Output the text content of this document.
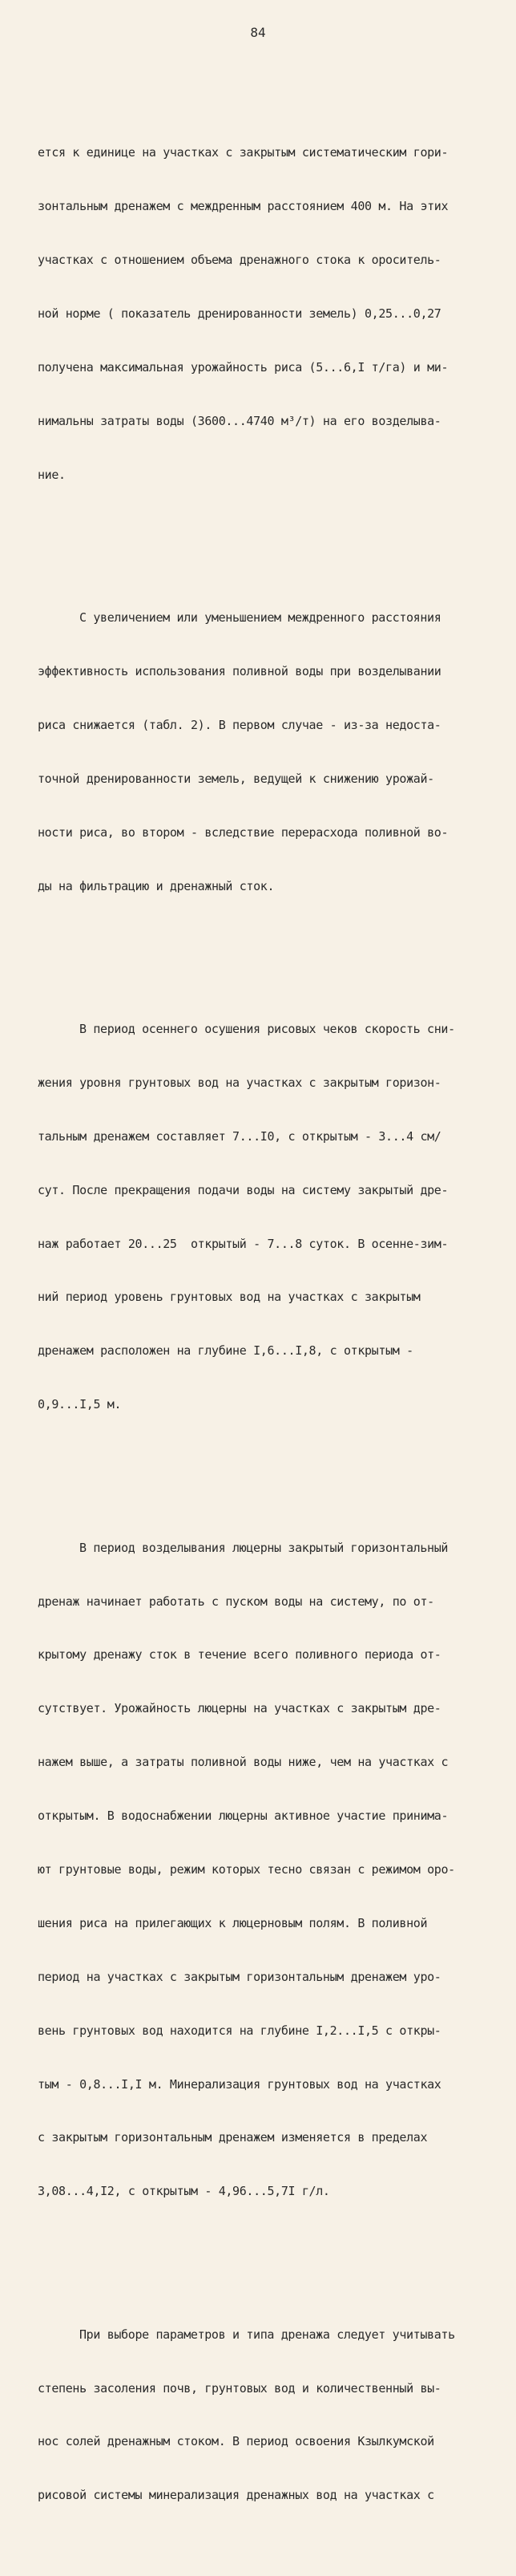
84

ется к единице на участках с закрытым систематическим гори-

зонтальным дренажем с междренным расстоянием 400 м. На этих

участках с отношением объема дренажного стока к ороситель-

ной норме ( показатель дренированности земель) 0,25...0,27

получена максимальная урожайность риса (5...6,I т/га) и ми-

нимальны затраты воды (3600...4740 м³/т) на его возделыва-

ние.

С увеличением или уменьшением междренного расстояния

эффективность использования поливной воды при возделывании

риса снижается (табл. 2). В первом случае - из-за недоста-

точной дренированности земель, ведущей к снижению урожай-

ности риса, во втором - вследствие перерасхода поливной во-

ды на фильтрацию и дренажный сток.

В период осеннего осушения рисовых чеков скорость сни-

жения уровня грунтовых вод на участках с закрытым горизон-

тальным дренажем составляет 7...I0, с открытым - 3...4 см/

сут. После прекращения подачи воды на систему закрытый дре-

наж работает 20...25  открытый - 7...8 суток. В осенне-зим-

ний период уровень грунтовых вод на участках с закрытым

дренажем расположен на глубине I,6...I,8, с открытым -

0,9...I,5 м.

В период возделывания люцерны закрытый горизонтальный

дренаж начинает работать с пуском воды на систему, по от-

крытому дренажу сток в течение всего поливного периода от-

сутствует. Урожайность люцерны на участках с закрытым дре-

нажем выше, а затраты поливной воды ниже, чем на участках с

открытым. В водоснабжении люцерны активное участие принима-

ют грунтовые воды, режим которых тесно связан с режимом оро-

шения риса на прилегающих к люцерновым полям. В поливной

период на участках с закрытым горизонтальным дренажем уро-

вень грунтовых вод находится на глубине I,2...I,5 с откры-

тым - 0,8...I,I м. Минерализация грунтовых вод на участках

с закрытым горизонтальным дренажем изменяется в пределах

3,08...4,I2, с открытым - 4,96...5,7I г/л.

При выборе параметров и типа дренажа следует учитывать

степень засоления почв, грунтовых вод и количественный вы-

нос солей дренажным стоком. В период освоения Кзылкумской

рисовой системы минерализация дренажных вод на участках с
